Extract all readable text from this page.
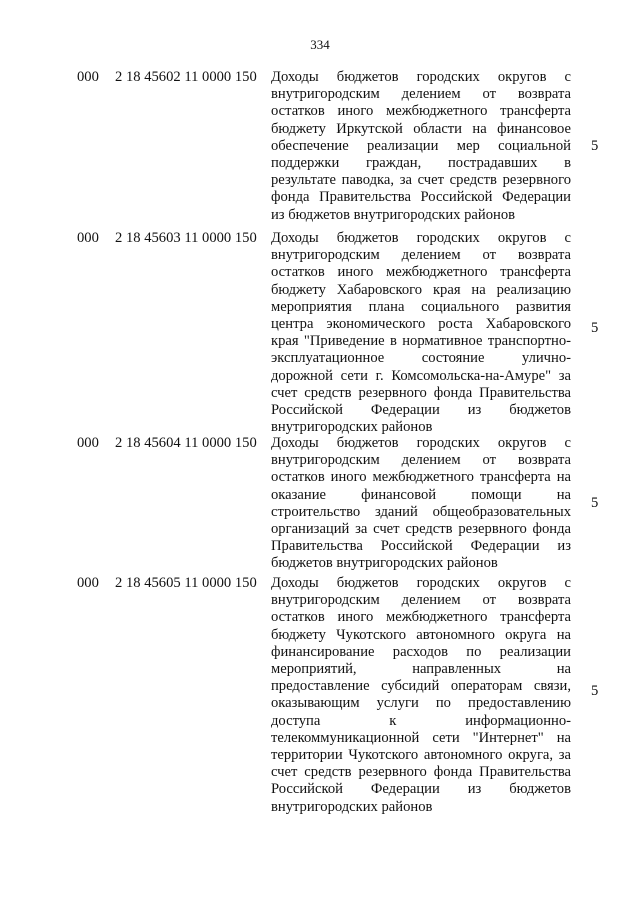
334
000 2 18 45602 11 0000 150 Доходы бюджетов городских округов с
внутригородским делением от возврата
остатков иного межбюджетного трансферта
бюджету Иркутской области на финансовое
обеспечение реализации мер социальной
поддержки граждан, пострадавших в
результате паводка, за счет средств резервного
фонда Правительства Российской Федерации
из бюджетов внутригородских районов
5
000 2 18 45603 11 0000 150 Доходы бюджетов городских округов с
внутригородским делением от возврата
остатков иного межбюджетного трансферта
бюджету Хабаровского края на реализацию
мероприятия плана социального развития
центра экономического роста Хабаровского
края "Приведение в нормативное транспортно-
эксплуатационное состояние улично-
дорожной сети г. Комсомольска-на-Амуре" за
счет средств резервного фонда Правительства
Российской Федерации из бюджетов
внутригородских районов
5
000 2 18 45604 11 0000 150 Доходы бюджетов городских округов с
внутригородским делением от возврата
остатков иного межбюджетного трансферта на
оказание финансовой помощи на
строительство зданий общеобразовательных
организаций за счет средств резервного фонда
Правительства Российской Федерации из
бюджетов внутригородских районов
5
000 2 18 45605 11 0000 150 Доходы бюджетов городских округов с
внутригородским делением от возврата
остатков иного межбюджетного трансферта
бюджету Чукотского автономного округа на
финансирование расходов по реализации
мероприятий, направленных на
предоставление субсидий операторам связи,
оказывающим услуги по предоставлению
доступа к информационно-
телекоммуникационной сети "Интернет" на
территории Чукотского автономного округа, за
счет средств резервного фонда Правительства
Российской Федерации из бюджетов
внутригородских районов
5
